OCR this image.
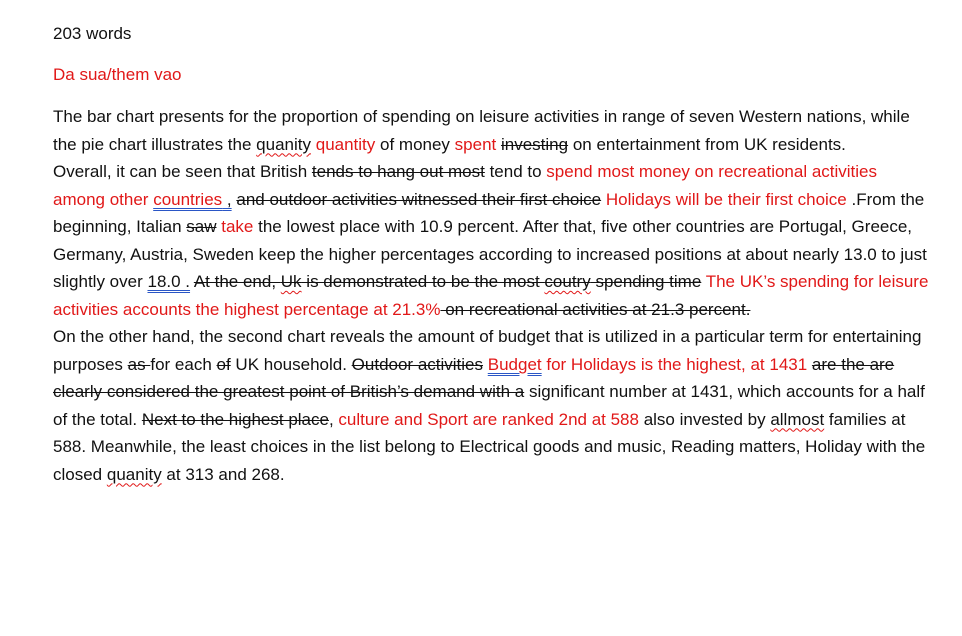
203 words

Da sua/them vao

The bar chart presents for the proportion of spending on leisure activities in range of seven Western nations, while the pie chart illustrates the quanity quantity of money spent investing on entertainment from UK residents.

Overall, it can be seen that British tends to hang out most tend to spend most money on recreational activities among other countries , and outdoor activities witnessed their first choice Holidays will be their first choice .From the beginning, Italian saw take the lowest place with 10.9 percent. After that, five other countries are Portugal, Greece, Germany, Austria, Sweden keep the higher percentages according to increased positions at about nearly 13.0 to just slightly over 18.0 . At the end, Uk is demonstrated to be the most coutry spending time The UK’s spending for leisure activities accounts the highest percentage at 21.3% on recreational activities at 21.3 percent.

On the other hand, the second chart reveals the amount of budget that is utilized in a particular term for entertaining purposes as for each of UK household. Outdoor activities Budget for Holidays is the highest, at 1431 are the are clearly considered the greatest point of British’s demand with a significant number at 1431, which accounts for a half of the total. Next to the highest place, culture and Sport are ranked 2nd at 588 also invested by allmost families at 588. Meanwhile, the least choices in the list belong to Electrical goods and music, Reading matters, Holiday with the closed quanity at 313 and 268.
